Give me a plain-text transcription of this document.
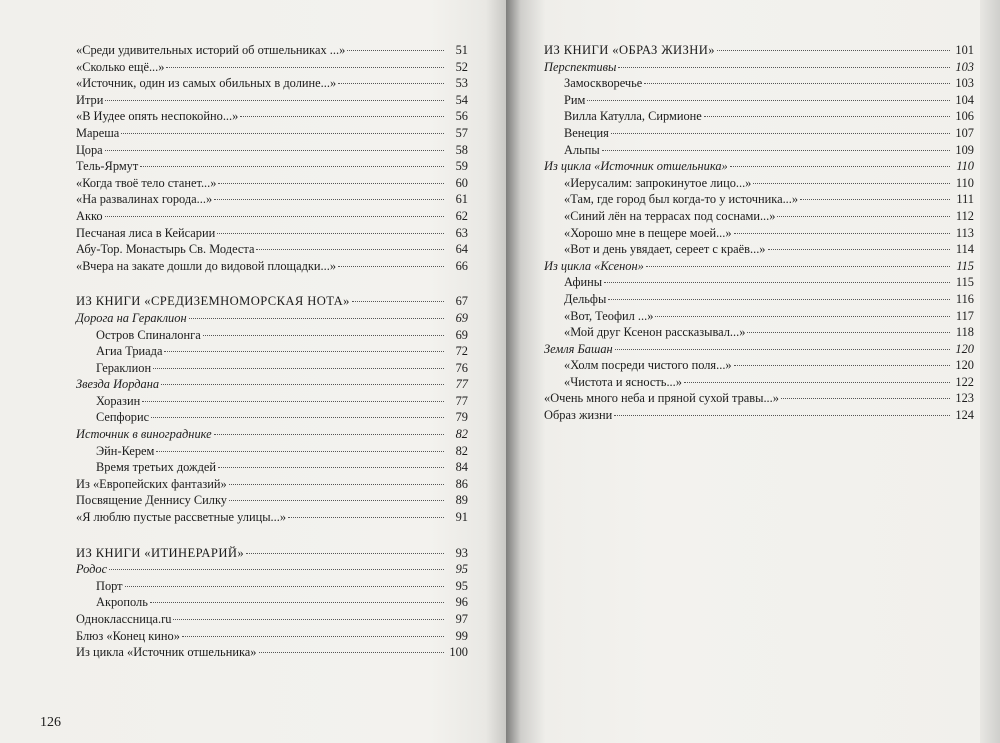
«Среди удивительных историй об отшельниках ...»	51
«Сколько ещё...»	52
«Источник, один из самых обильных в долине...»	53
Итри	54
«В Иудее опять неспокойно...»	56
Мареша	57
Цора	58
Тель-Ярмут	59
«Когда твоё тело станет...»	60
«На развалинах города...»	61
Акко	62
Песчаная лиса в Кейсарии	63
Абу-Тор. Монастырь Св. Модеста	64
«Вчера на закате дошли до видовой площадки...»	66
ИЗ КНИГИ «СРЕДИЗЕМНОМОРСКАЯ НОТА»	67
Дорога на Гераклион	69
Остров Спиналонга	69
Агиа Триада	72
Гераклион	76
Звезда Иордана	77
Хоразин	77
Сепфорис	79
Источник в винограднике	82
Эйн-Керем	82
Время третьих дождей	84
Из «Европейских фантазий»	86
Посвящение Деннису Силку	89
«Я люблю пустые рассветные улицы...»	91
ИЗ КНИГИ «ИТИНЕРАРИЙ»	93
Родос	95
Порт	95
Акрополь	96
Одноклассница.ru	97
Блюз «Конец кино»	99
Из цикла «Источник отшельника»	100
126
ИЗ КНИГИ «ОБРАЗ ЖИЗНИ»	101
Перспективы	103
Замоскворечье	103
Рим	104
Вилла Катулла, Сирмионе	106
Венеция	107
Альпы	109
Из цикла «Источник отшельника»	110
«Иерусалим: запрокинутое лицо...»	110
«Там, где город был когда-то у источника...»	111
«Синий лён на террасах под соснами...»	112
«Хорошо мне в пещере моей...»	113
«Вот и день увядает, сереет с краёв...»	114
Из цикла «Ксенон»	115
Афины	115
Дельфы	116
«Вот, Теофил ...»	117
«Мой друг Ксенон рассказывал...»	118
Земля Башан	120
«Холм посреди чистого поля...»	120
«Чистота и ясность...»	122
«Очень много неба и пряной сухой травы...»	123
Образ жизни	124
